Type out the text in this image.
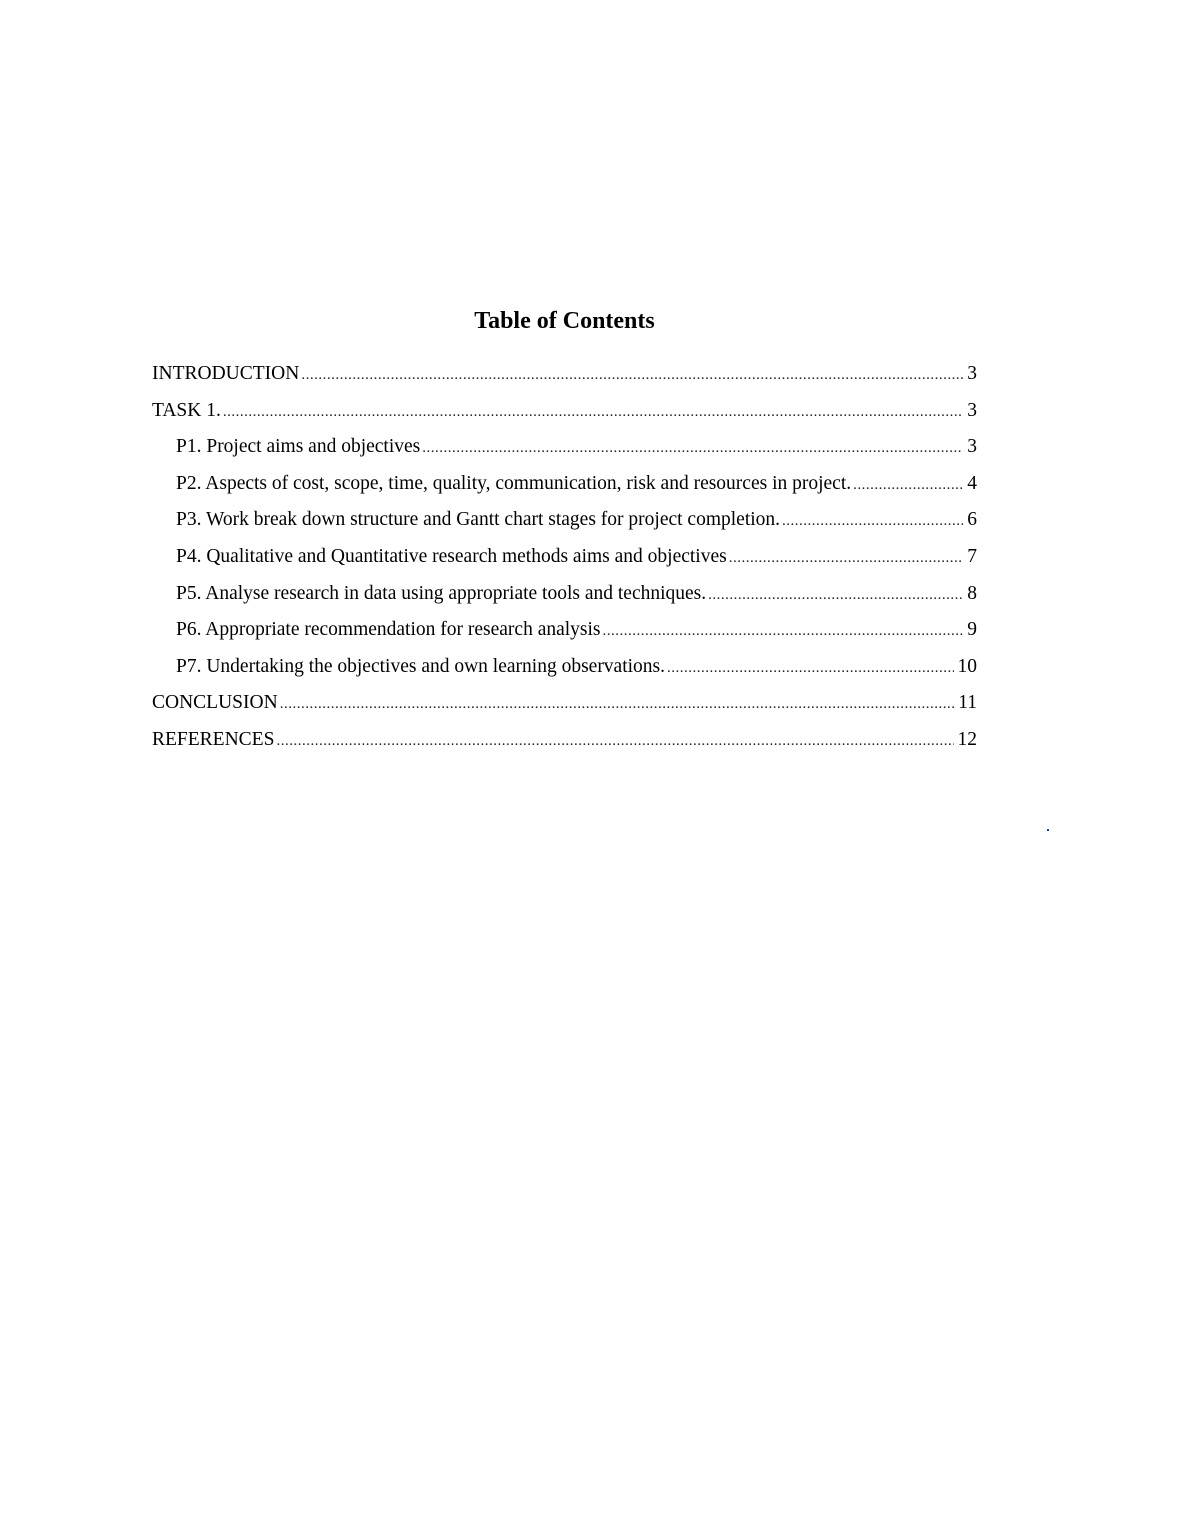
Table of Contents
INTRODUCTION .....	3
TASK 1. .....	3
P1. Project aims and objectives .....	3
P2. Aspects of cost, scope, time, quality, communication, risk and resources in project. .....	4
P3. Work break down structure and Gantt chart stages for project completion. .....	6
P4. Qualitative and Quantitative research methods aims and objectives .....	7
P5. Analyse research in data using appropriate tools and techniques. .....	8
P6. Appropriate recommendation for research analysis .....	9
P7. Undertaking the objectives and own learning observations. .....	10
CONCLUSION .....	11
REFERENCES .....	12
